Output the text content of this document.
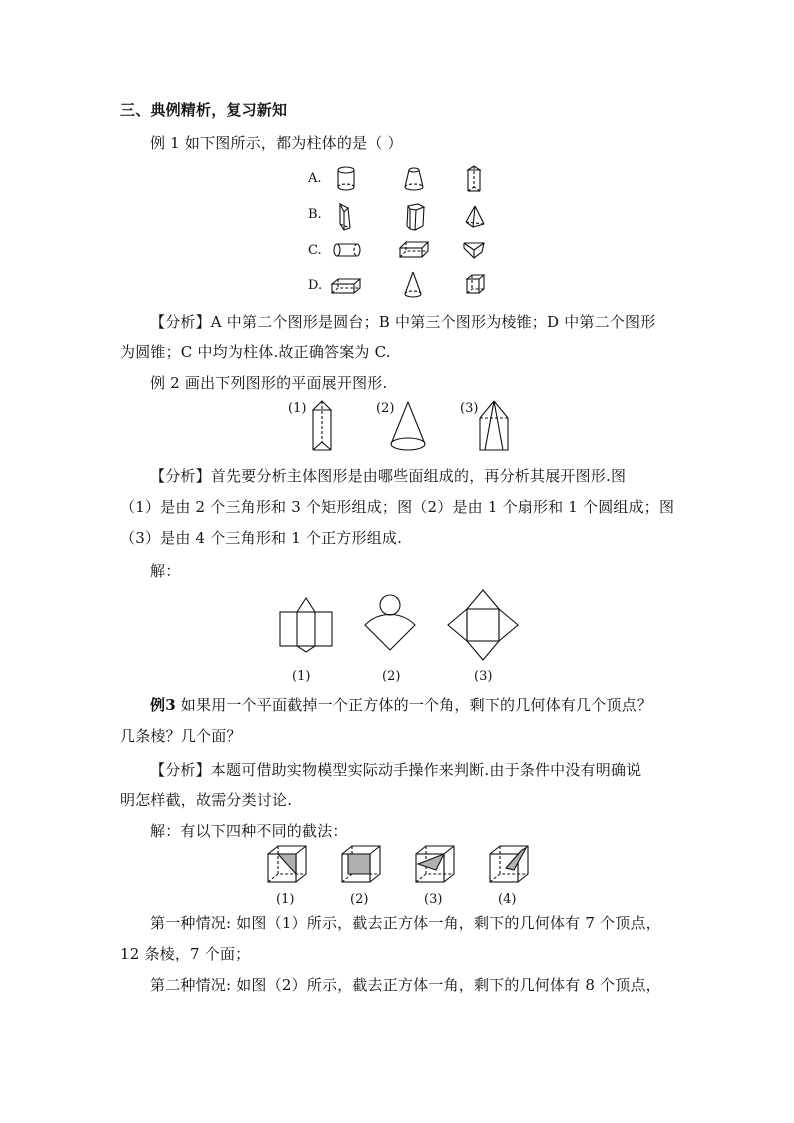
三、典例精析，复习新知
例 1 如下图所示，都为柱体的是（ ）
A.
B.
C.
D.
【分析】A 中第二个图形是圆台；B 中第三个图形为棱锥；D 中第二个图形
为圆锥；C 中均为柱体.故正确答案为 C.
例 2 画出下列图形的平面展开图形.
(1)	(2)	(3)
【分析】首先要分析主体图形是由哪些面组成的，再分析其展开图形.图
（1）是由 2 个三角形和 3 个矩形组成；图（2）是由 1 个扇形和 1 个圆组成；图
（3）是由 4 个三角形和 1 个正方形组成.
解：
(1)	(2)	(3)
例3 如果用一个平面截掉一个正方体的一个角，剩下的几何体有几个顶点？
几条棱？几个面？
【分析】本题可借助实物模型实际动手操作来判断.由于条件中没有明确说
明怎样截，故需分类讨论.
解：有以下四种不同的截法：
(1)	(2)	(3)	(4)
第一种情况: 如图（1）所示，截去正方体一角，剩下的几何体有 7 个顶点，
12 条棱，7 个面；
第二种情况: 如图（2）所示，截去正方体一角，剩下的几何体有 8 个顶点，
